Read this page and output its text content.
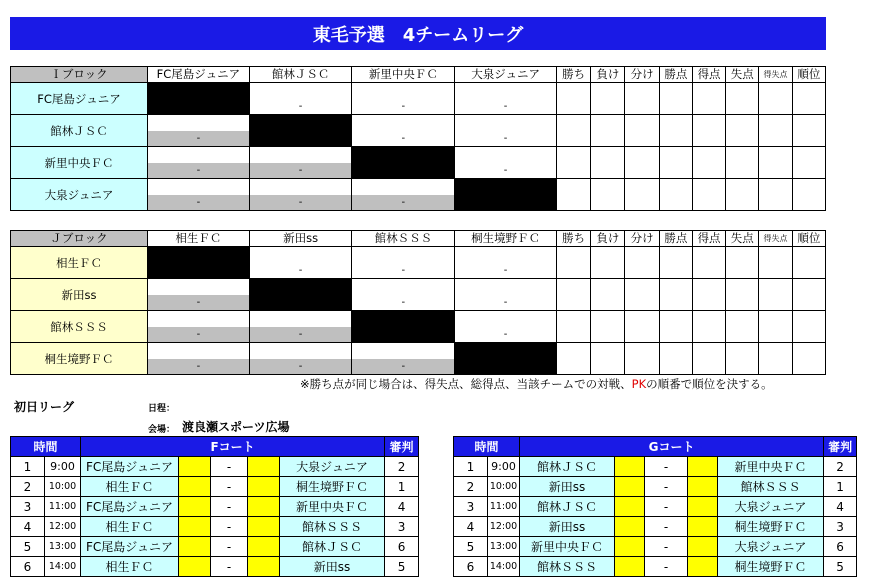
東毛予選　4チームリーグ
Ｉブロック	FC尾島ジュニア	館林ＪＳＣ	新里中央ＦＣ	大泉ジュニア	勝ち	負け	分け	勝点	得点	失点	得失点	順位
FC尾島ジュニア		-	-	-								

館林ＪＳＣ	-		-	-								

新里中央ＦＣ	-	-		-								

大泉ジュニア	-	-	-									

Ｊブロック	相生ＦＣ	新田ss	館林ＳＳＳ	桐生境野ＦＣ	勝ち	負け	分け	勝点	得点	失点	得失点	順位
相生ＦＣ		-	-	-								

新田ss	-		-	-								

館林ＳＳＳ	-	-		-								

桐生境野ＦＣ	-	-	-									

※勝ち点が同じ場合は、得失点、総得点、当該チームでの対戦、PKの順番で順位を決する。
初日リーグ	日程：
会場： 渡良瀬スポーツ広場
時間		Fコート					審判
1	9:00	FC尾島ジュニア		-		大泉ジュニア	2
2	10:00	相生ＦＣ		-		桐生境野ＦＣ	1
3	11:00	FC尾島ジュニア		-		新里中央ＦＣ	4
4	12:00	相生ＦＣ		-		館林ＳＳＳ	3
5	13:00	FC尾島ジュニア		-		館林ＪＳＣ	6
6	14:00	相生ＦＣ		-		新田ss	5
時間		Gコート					審判
1	9:00	館林ＪＳＣ		-		新里中央ＦＣ	2
2	10:00	新田ss		-		館林ＳＳＳ	1
3	11:00	館林ＪＳＣ		-		大泉ジュニア	4
4	12:00	新田ss		-		桐生境野ＦＣ	3
5	13:00	新里中央ＦＣ		-		大泉ジュニア	6
6	14:00	館林ＳＳＳ		-		桐生境野ＦＣ	5
